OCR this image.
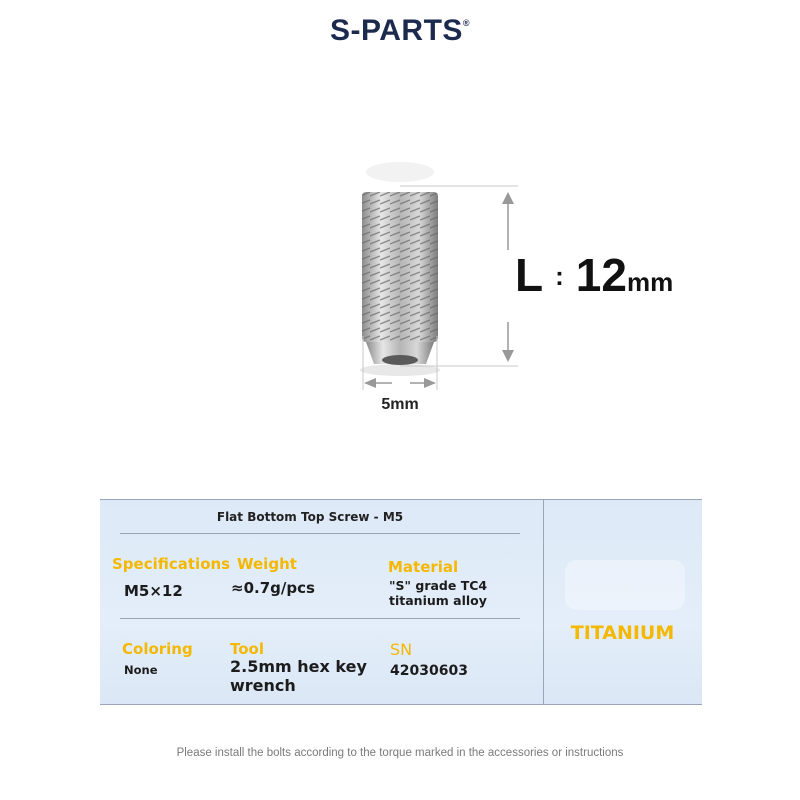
S-PARTS®
L : 12mm
5mm
Flat Bottom Top Screw - M5
Specifications
M5×12
Weight
≈0.7g/pcs
Material
"S" grade TC4
titanium alloy
Coloring
None
Tool
2.5mm hex key
wrench
SN
42030603
TITANIUM
Please install the bolts according to the torque marked in the accessories or instructions
